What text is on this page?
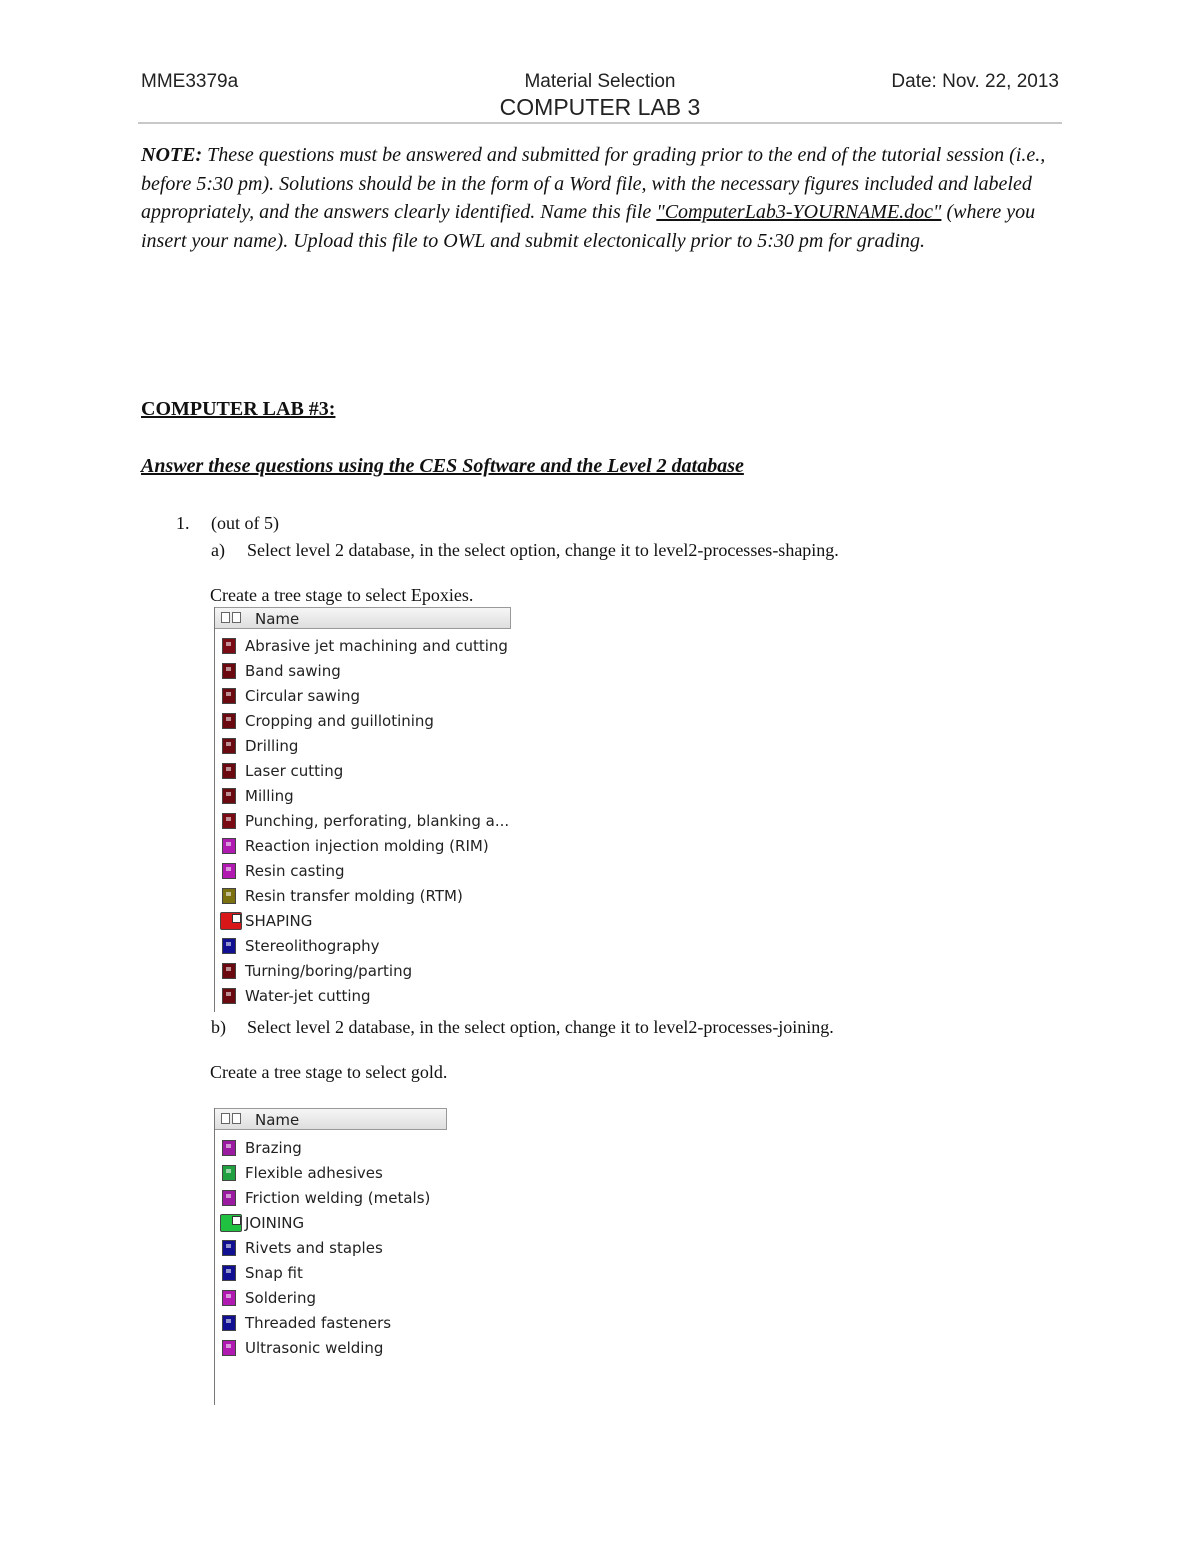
MME3379a	Material Selection
COMPUTER LAB 3
Date: Nov. 22, 2013
NOTE: These questions must be answered and submitted for grading prior to the end of the tutorial session (i.e., before 5:30 pm). Solutions should be in the form of a Word file, with the necessary figures included and labeled appropriately, and the answers clearly identified. Name this file "ComputerLab3-YOURNAME.doc" (where you insert your name). Upload this file to OWL and submit electonically prior to 5:30 pm for grading.
COMPUTER LAB #3:
Answer these questions using the CES Software and the Level 2 database
1. (out of 5)
a) Select level 2 database, in the select option, change it to level2-processes-shaping.
Create a tree stage to select Epoxies.
Name
Abrasive jet machining and cutting
Band sawing
Circular sawing
Cropping and guillotining
Drilling
Laser cutting
Milling
Punching, perforating, blanking a...
Reaction injection molding (RIM)
Resin casting
Resin transfer molding (RTM)
SHAPING
Stereolithography
Turning/boring/parting
Water-jet cutting
b) Select level 2 database, in the select option, change it to level2-processes-joining.
Create a tree stage to select gold.
Name
Brazing
Flexible adhesives
Friction welding (metals)
JOINING
Rivets and staples
Snap fit
Soldering
Threaded fasteners
Ultrasonic welding
